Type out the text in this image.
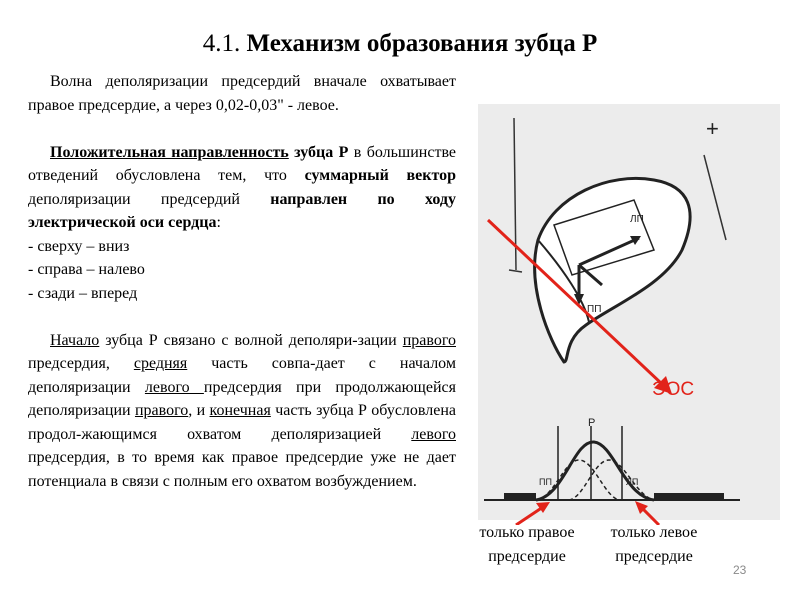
4.1. Механизм образования зубца Р

Волна деполяризации предсердий вначале охватывает правое предсердие, а через 0,02-0,03" - левое.

Положительная направленность зубца Р в большинстве отведений обусловлена тем, что суммарный вектор деполяризации предсердий направлен по ходу электрической оси сердца:

- сверху – вниз
- справа – налево
- сзади – вперед

Начало зубца Р связано с волной деполяри-зации правого предсердия, средняя часть совпа-дает с началом деполяризации левого предсердия при продолжающейся деполяризации правого, и конечная часть зубца Р обусловлена продол-жающимся охватом деполяризацией левого предсердия, в то время как правое предсердие уже не дает потенциала в связи с полным его охватом возбуждением.

+
ЛП
ПП
Р
ПП	ЛП
ЭОС
только правое предсердие
только левое предсердие
23
